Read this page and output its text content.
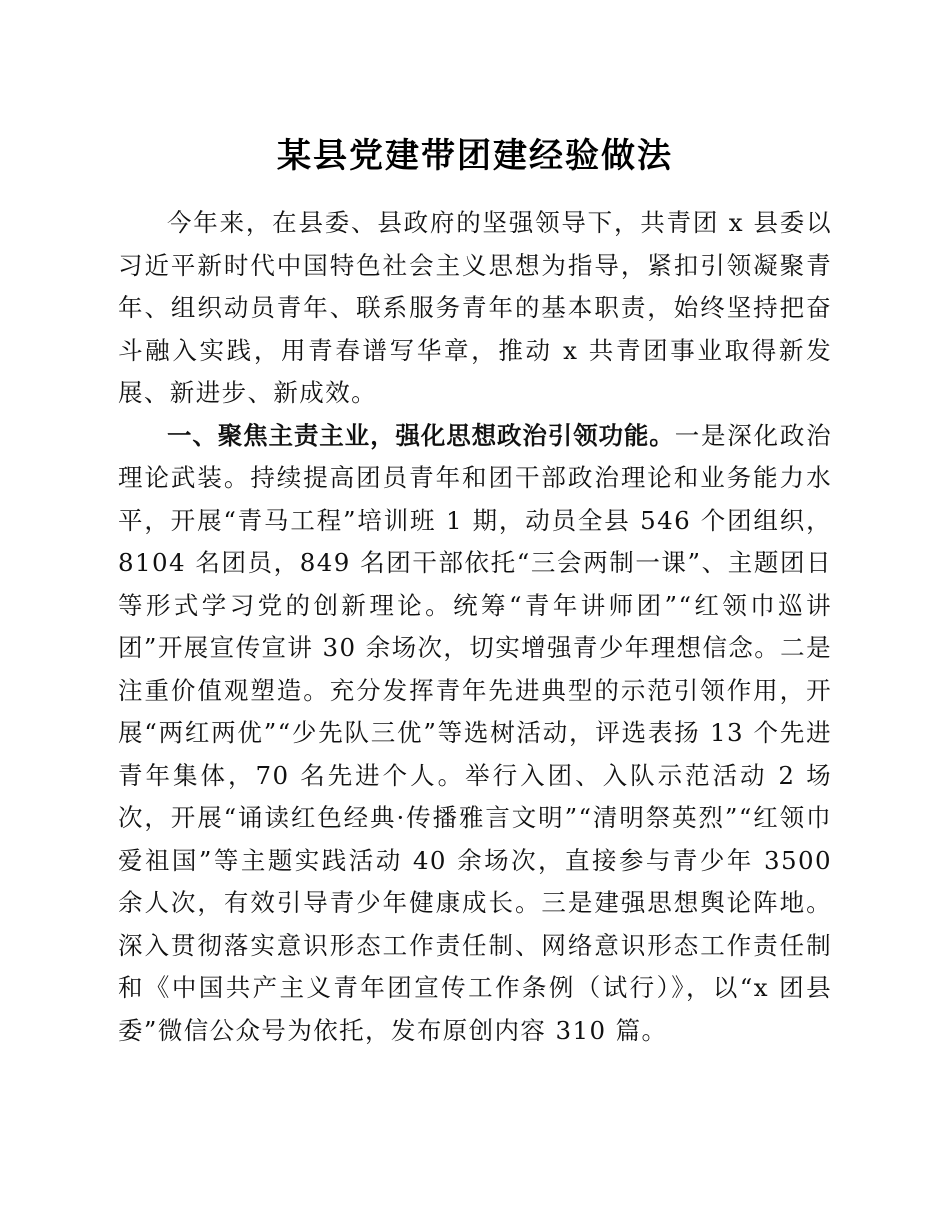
某县党建带团建经验做法

今年来，在县委、县政府的坚强领导下，共青团 x 县委以习近平新时代中国特色社会主义思想为指导，紧扣引领凝聚青年、组织动员青年、联系服务青年的基本职责，始终坚持把奋斗融入实践，用青春谱写华章，推动 x 共青团事业取得新发展、新进步、新成效。

一、聚焦主责主业，强化思想政治引领功能。一是深化政治理论武装。持续提高团员青年和团干部政治理论和业务能力水平，开展“青马工程”培训班 1 期，动员全县 546 个团组织，8104 名团员，849 名团干部依托“三会两制一课”、主题团日等形式学习党的创新理论。统筹“青年讲师团”“红领巾巡讲团”开展宣传宣讲 30 余场次，切实增强青少年理想信念。二是注重价值观塑造。充分发挥青年先进典型的示范引领作用，开展“两红两优”“少先队三优”等选树活动，评选表扬 13 个先进青年集体，70 名先进个人。举行入团、入队示范活动 2 场次，开展“诵读红色经典·传播雅言文明”“清明祭英烈”“红领巾爱祖国”等主题实践活动 40 余场次，直接参与青少年 3500 余人次，有效引导青少年健康成长。三是建强思想舆论阵地。深入贯彻落实意识形态工作责任制、网络意识形态工作责任制和《中国共产主义青年团宣传工作条例（试行）》，以“x 团县委”微信公众号为依托，发布原创内容 310 篇。
